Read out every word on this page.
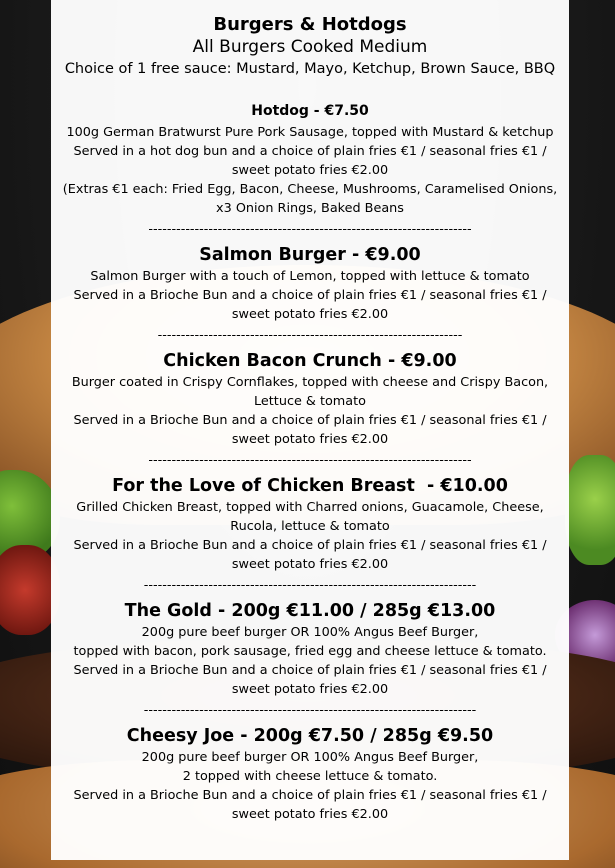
Burgers & Hotdogs
All Burgers Cooked Medium
Choice of 1 free sauce: Mustard, Mayo, Ketchup, Brown Sauce, BBQ
Hotdog - €7.50
100g German Bratwurst Pure Pork Sausage, topped with Mustard & ketchup
Served in a hot dog bun and a choice of plain fries €1 / seasonal fries €1 /
sweet potato fries €2.00
(Extras €1 each: Fried Egg, Bacon, Cheese, Mushrooms, Caramelised Onions,
x3 Onion Rings, Baked Beans
----------------------------------------------------------------------
Salmon Burger - €9.00
Salmon Burger with a touch of Lemon, topped with lettuce & tomato
Served in a Brioche Bun and a choice of plain fries €1 / seasonal fries €1 /
sweet potato fries €2.00
------------------------------------------------------------------
Chicken Bacon Crunch - €9.00
Burger coated in Crispy Cornflakes, topped with cheese and Crispy Bacon,
Lettuce & tomato
Served in a Brioche Bun and a choice of plain fries €1 / seasonal fries €1 /
sweet potato fries €2.00
----------------------------------------------------------------------
For the Love of Chicken Breast  - €10.00
Grilled Chicken Breast, topped with Charred onions, Guacamole, Cheese,
Rucola, lettuce & tomato
Served in a Brioche Bun and a choice of plain fries €1 / seasonal fries €1 /
sweet potato fries €2.00
------------------------------------------------------------------------
The Gold - 200g €11.00 / 285g €13.00
200g pure beef burger OR 100% Angus Beef Burger,
topped with bacon, pork sausage, fried egg and cheese lettuce & tomato.
Served in a Brioche Bun and a choice of plain fries €1 / seasonal fries €1 /
sweet potato fries €2.00
------------------------------------------------------------------------
Cheesy Joe - 200g €7.50 / 285g €9.50
200g pure beef burger OR 100% Angus Beef Burger,
2 topped with cheese lettuce & tomato.
Served in a Brioche Bun and a choice of plain fries €1 / seasonal fries €1 /
sweet potato fries €2.00
